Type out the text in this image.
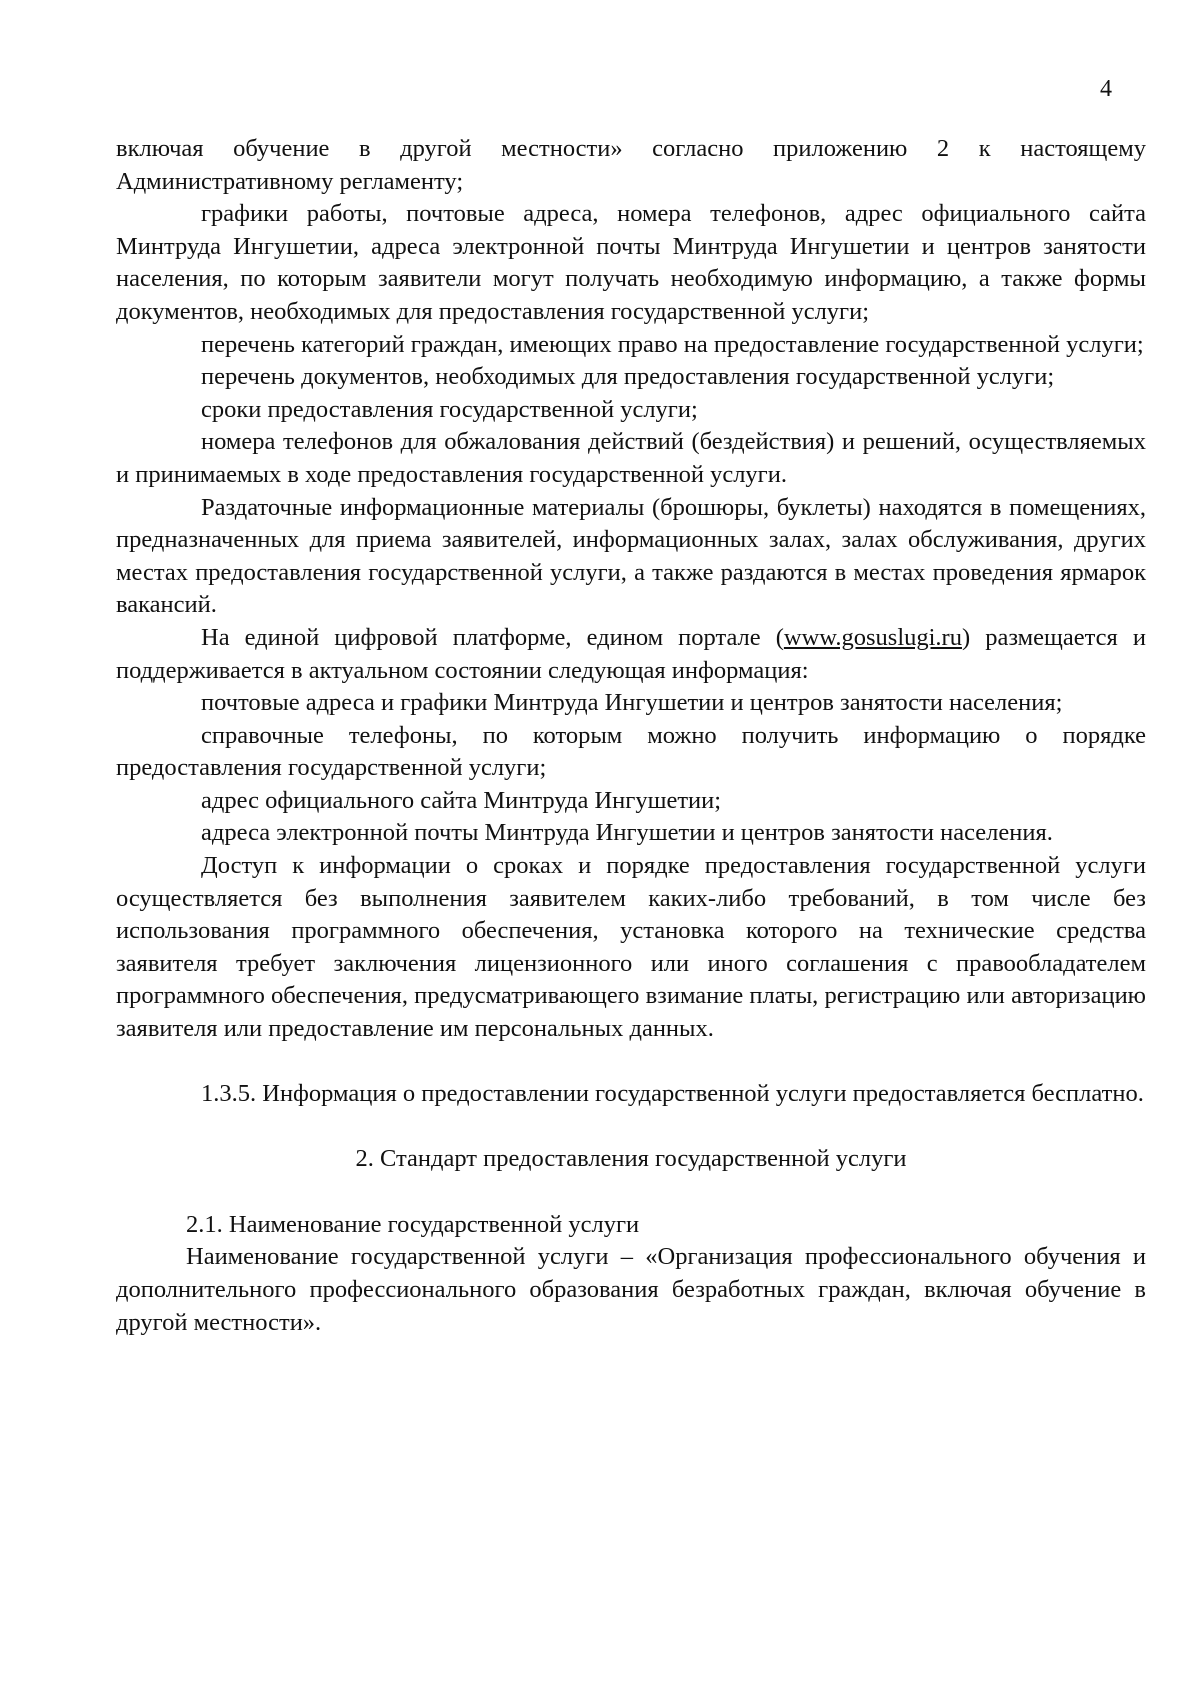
4

включая обучение в другой местности» согласно приложению 2 к настоящему Административному регламенту;

графики работы, почтовые адреса, номера телефонов, адрес официального сайта Минтруда Ингушетии, адреса электронной почты Минтруда Ингушетии и центров занятости населения, по которым заявители могут получать необходимую информацию, а также формы документов, необходимых для предоставления государственной услуги;

перечень категорий граждан, имеющих право на предоставление государственной услуги;

перечень документов, необходимых для предоставления государственной услуги;

сроки предоставления государственной услуги;

номера телефонов для обжалования действий (бездействия) и решений, осуществляемых и принимаемых в ходе предоставления государственной услуги.

Раздаточные информационные материалы (брошюры, буклеты) находятся в помещениях, предназначенных для приема заявителей, информационных залах, залах обслуживания, других местах предоставления государственной услуги, а также раздаются в местах проведения ярмарок вакансий.

На единой цифровой платформе, едином портале (www.gosuslugi.ru) размещается и поддерживается в актуальном состоянии следующая информация:

почтовые адреса и графики Минтруда Ингушетии и центров занятости населения;

справочные телефоны, по которым можно получить информацию о порядке предоставления государственной услуги;

адрес официального сайта Минтруда Ингушетии;

адреса электронной почты Минтруда Ингушетии и центров занятости населения.

Доступ к информации о сроках и порядке предоставления государственной услуги осуществляется без выполнения заявителем каких-либо требований, в том числе без использования программного обеспечения, установка которого на технические средства заявителя требует заключения лицензионного или иного соглашения с правообладателем программного обеспечения, предусматривающего взимание платы, регистрацию или авторизацию заявителя или предоставление им персональных данных.

1.3.5. Информация о предоставлении государственной услуги предоставляется бесплатно.

2. Стандарт предоставления государственной услуги

2.1. Наименование государственной услуги

Наименование государственной услуги – «Организация профессионального обучения и дополнительного профессионального образования безработных граждан, включая обучение в другой местности».
